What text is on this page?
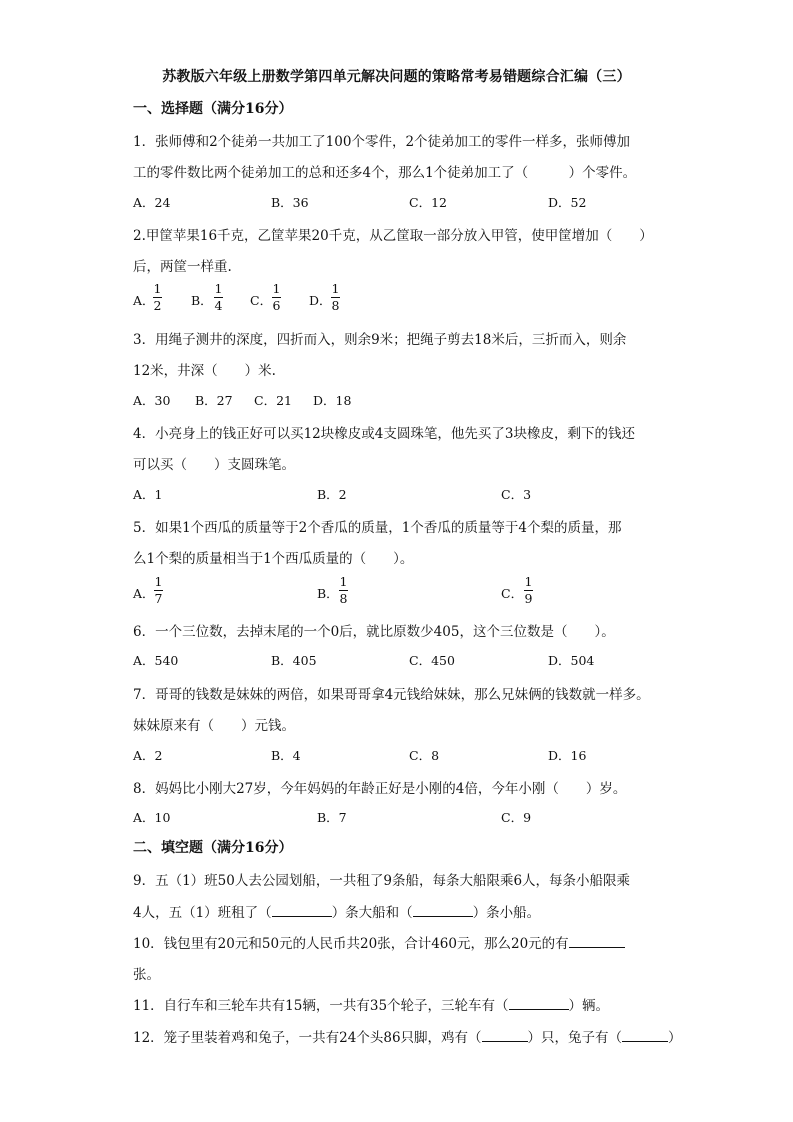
苏教版六年级上册数学第四单元解决问题的策略常考易错题综合汇编（三）
一、选择题（满分16分）
1．张师傅和2个徒弟一共加工了100个零件，2个徒弟加工的零件一样多，张师傅加
工的零件数比两个徒弟加工的总和还多4个，那么1个徒弟加工了（　　　）个零件。
A．24	B．36	C．12	D．52
2.甲筐苹果16千克，乙筐苹果20千克，从乙筐取一部分放入甲管，使甲筐增加（　　）
后，两筐一样重.
A．
1
2 B．
1
4 C．
1
6 D．
1
8
3．用绳子测井的深度，四折而入，则余9米；把绳子剪去18米后，三折而入，则余
12米，井深（　　）米.
A．30 B．27 C．21 D．18
4．小亮身上的钱正好可以买12块橡皮或4支圆珠笔，他先买了3块橡皮，剩下的钱还
可以买（　　）支圆珠笔。
A．1	B．2	C．3
5．如果1个西瓜的质量等于2个香瓜的质量，1个香瓜的质量等于4个梨的质量，那
么1个梨的质量相当于1个西瓜质量的（　　）。
A．
1
7	B．
1
8	C．
1
9
6．一个三位数，去掉末尾的一个0后，就比原数少405，这个三位数是（　　）。
A．540	B．405	C．450	D．504
7．哥哥的钱数是妹妹的两倍，如果哥哥拿4元钱给妹妹，那么兄妹俩的钱数就一样多。
妹妹原来有（　　）元钱。
A．2	B．4	C．8	D．16
8．妈妈比小刚大27岁，今年妈妈的年龄正好是小刚的4倍，今年小刚（　　）岁。
A．10	B．7	C．9
二、填空题（满分16分）
9．五（1）班50人去公园划船，一共租了9条船，每条大船限乘6人，每条小船限乘
4人，五（1）班租了（	）条大船和（	）条小船。
10．钱包里有20元和50元的人民币共20张，合计460元，那么20元的有
张。
11．自行车和三轮车共有15辆，一共有35个轮子，三轮车有（	）辆。
12．笼子里装着鸡和兔子，一共有24个头86只脚，鸡有（	）只，兔子有（	）
